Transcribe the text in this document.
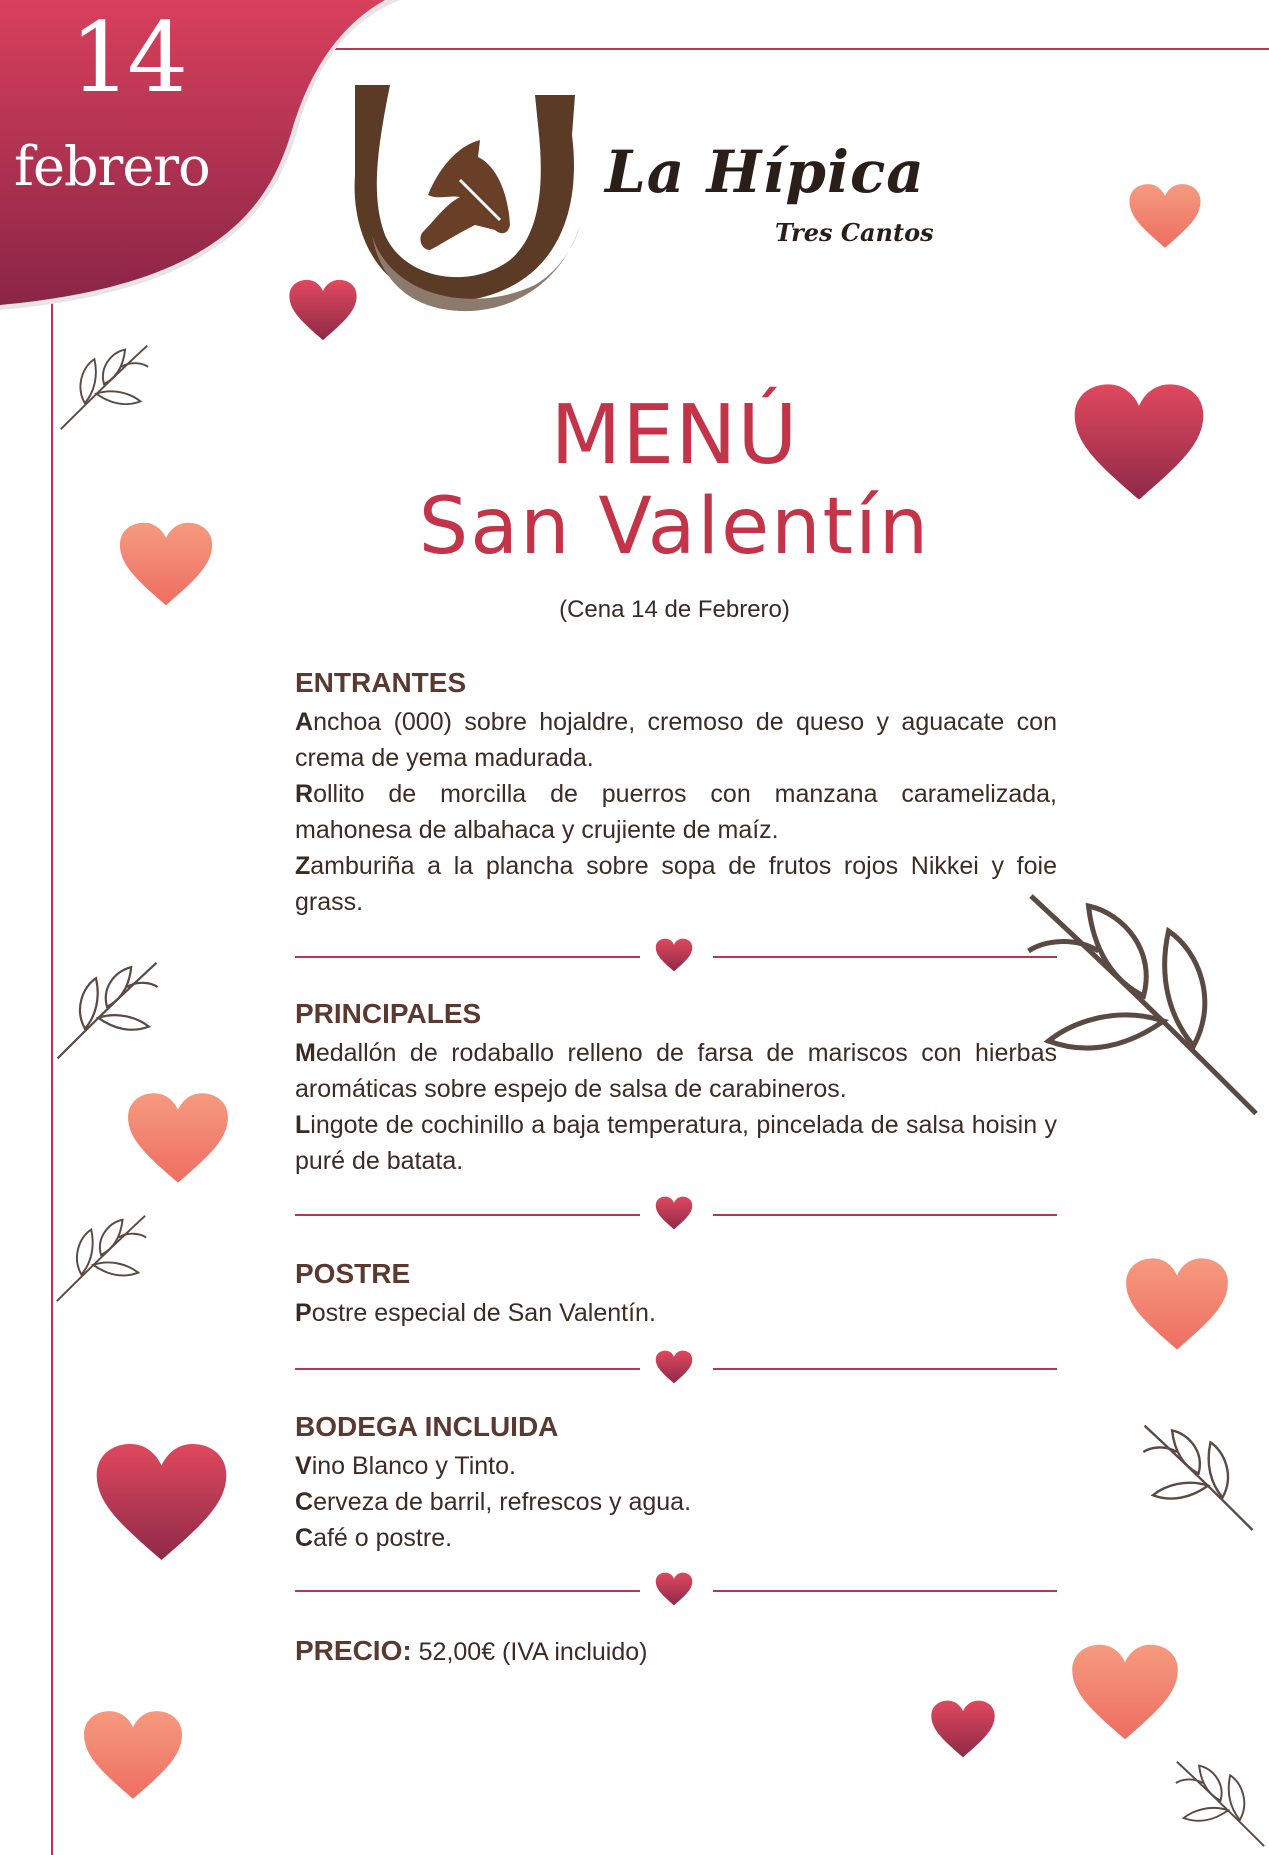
14
febrero	La Hípica
Tres Cantos
MENÚ
San Valentín
(Cena 14 de Febrero)

ENTRANTES

Anchoa (000) sobre hojaldre, cremoso de queso y aguacate con crema de yema madurada.

Rollito de morcilla de puerros con manzana caramelizada, mahonesa de albahaca y crujiente de maíz.

Zamburiña a la plancha sobre sopa de frutos rojos Nikkei y foie grass.

PRINCIPALES

Medallón de rodaballo relleno de farsa de mariscos con hierbas aromáticas sobre espejo de salsa de carabineros.

Lingote de cochinillo a baja temperatura, pincelada de salsa hoisin y puré de batata.

POSTRE

Postre especial de San Valentín.

BODEGA INCLUIDA

Vino Blanco y Tinto.

Cerveza de barril, refrescos y agua.

Café o postre.

PRECIO: 52,00€ (IVA incluido)
